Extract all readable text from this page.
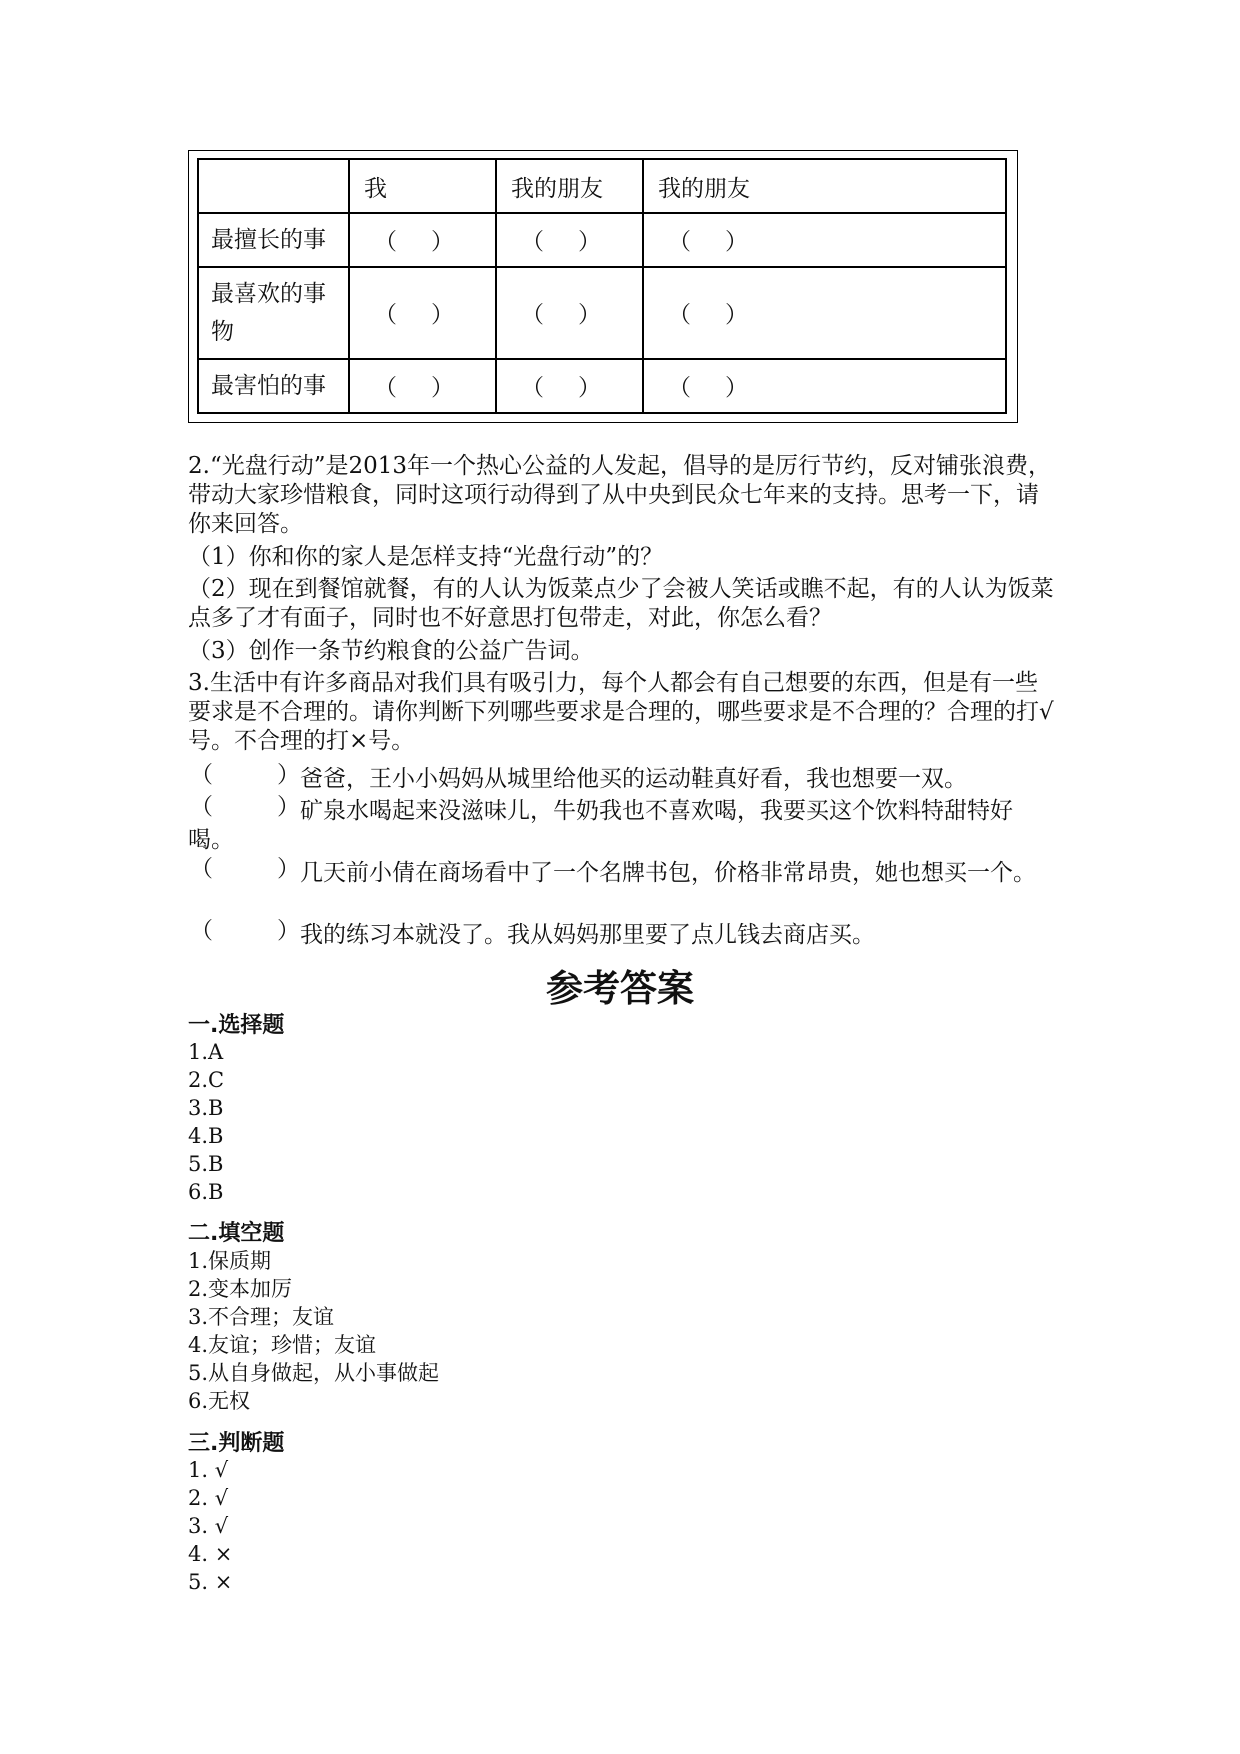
	我	我的朋友	我的朋友
最擅长的事	（ ）	（ ）	（ ）

最喜欢的事物	（ ）	（ ）	（ ）

最害怕的事	（ ）	（ ）	（ ）
2.“光盘行动”是2013年一个热心公益的人发起，倡导的是厉行节约，反对铺张浪费，带动大家珍惜粮食，同时这项行动得到了从中央到民众七年来的支持。思考一下，请你来回答。
（1）你和你的家人是怎样支持“光盘行动”的？
（2）现在到餐馆就餐，有的人认为饭菜点少了会被人笑话或瞧不起，有的人认为饭菜点多了才有面子，同时也不好意思打包带走，对此，你怎么看？
（3）创作一条节约粮食的公益广告词。
3.生活中有许多商品对我们具有吸引力，每个人都会有自己想要的东西，但是有一些要求是不合理的。请你判断下列哪些要求是合理的，哪些要求是不合理的？合理的打√号。不合理的打×号。
（	） 爸爸，王小小妈妈从城里给他买的运动鞋真好看，我也想要一双。
（	） 矿泉水喝起来没滋味儿，牛奶我也不喜欢喝，我要买这个饮料特甜特好喝。
（	） 几天前小倩在商场看中了一个名牌书包，价格非常昂贵，她也想买一个。
（	） 我的练习本就没了。我从妈妈那里要了点儿钱去商店买。
参考答案
一.选择题
1.A
2.C
3.B
4.B
5.B
6.B
二.填空题
1.保质期
2.变本加厉
3.不合理；友谊
4.友谊；珍惜；友谊
5.从自身做起，从小事做起
6.无权
三.判断题
1. √
2. √
3. √
4. ×
5. ×
